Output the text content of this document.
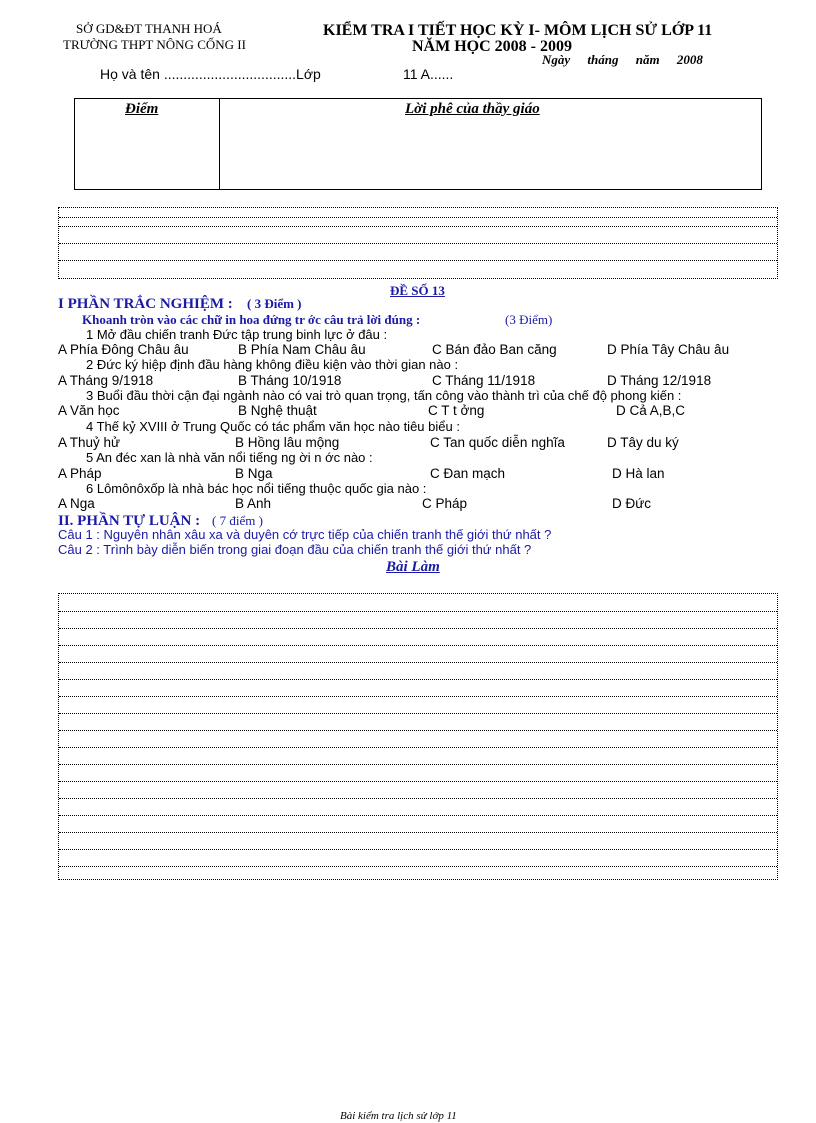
SỞ GD&ĐT THANH HOÁ
TRƯỜNG THPT NÔNG CỐNG II
KIỂM TRA I TIẾT HỌC KỲ I- MÔM LỊCH SỬ LỚP 11
NĂM HỌC 2008 - 2009
Ngày tháng năm 2008
Họ và tên ..................................Lớp	11 A......
Điểm	Lời phê của thầy giáo
ĐỀ SỐ 13
I PHẦN TRẮC NGHIỆM : ( 3 Điểm )
Khoanh tròn vào các chữ in hoa đứng tr ớc câu trả lời đúng :	(3 Điểm)
1 Mở đầu chiến tranh Đức tập trung binh lực ở đâu :
A Phía Đông Châu âu	B Phía Nam Châu âu	C Bán đảo Ban căng	D Phía Tây Châu âu
2 Đức ký hiệp định đầu hàng không điều kiện vào thời gian nào :
A Tháng 9/1918	B Tháng 10/1918	C Tháng 11/1918	D Tháng 12/1918
3 Buổi đầu thời cận đại ngành nào có vai trò quan trọng, tấn công vào thành trì của chế độ phong kiến :
A Văn học	B Nghệ thuật	C T t ởng	D Cả A,B,C
4 Thế kỷ XVIII ở Trung Quốc có tác phẩm văn học nào tiêu biểu :
A Thuỷ hử	B Hồng lâu mộng	C Tan quốc diễn nghĩa	D Tây du ký
5 An đéc xan là nhà văn nổi tiếng ng ời n ớc nào :
A Pháp	B Nga	C Đan mạch	D Hà lan
6 Lômônôxốp là nhà bác học nổi tiếng thuộc quốc gia nào :
A Nga	B Anh	C Pháp	D Đức
II. PHẦN TỰ LUẬN : ( 7 điểm )
Câu 1 : Nguyên nhân xâu xa và duyên cớ trực tiếp của chiến tranh thế giới thứ nhất ?
Câu 2 : Trình bày diễn biến trong giai đoạn đầu của chiến tranh thế giới thứ nhất ?
Bài Làm
Bài kiểm tra lịch sử lớp 11
